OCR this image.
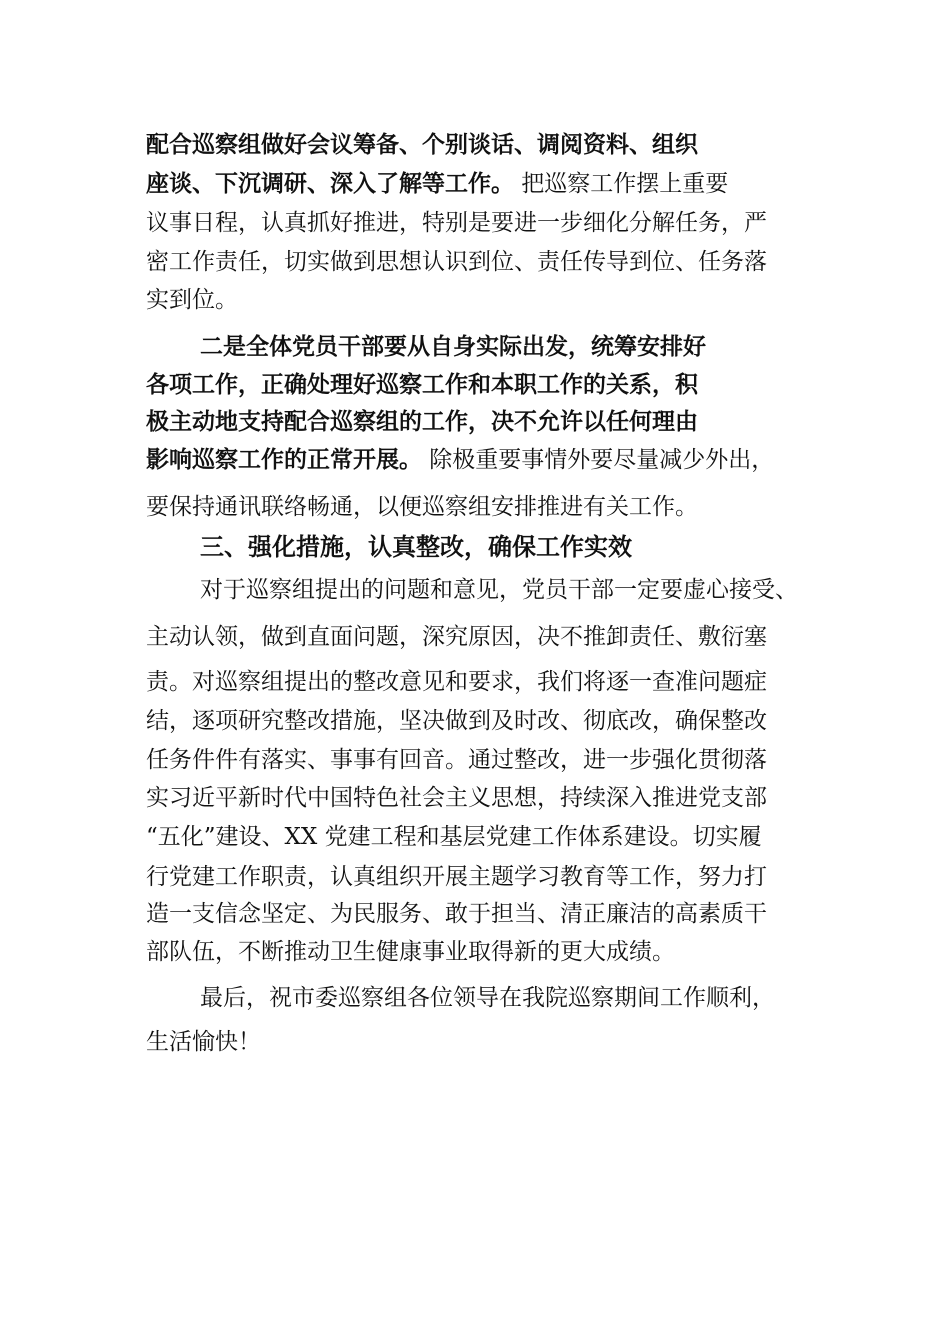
配合巡察组做好会议筹备、个别谈话、调阅资料、组织
座谈、下沉调研、深入了解等工作。 把巡察工作摆上重要
议事日程，认真抓好推进，特别是要进一步细化分解任务，严
密工作责任，切实做到思想认识到位、责任传导到位、任务落
实到位。
二是全体党员干部要从自身实际出发，统筹安排好
各项工作，正确处理好巡察工作和本职工作的关系，积
极主动地支持配合巡察组的工作，决不允许以任何理由
影响巡察工作的正常开展。 除极重要事情外要尽量减少外出，
要保持通讯联络畅通，以便巡察组安排推进有关工作。
三、强化措施，认真整改，确保工作实效
对于巡察组提出的问题和意见，党员干部一定要虚心接受、
主动认领，做到直面问题，深究原因，决不推卸责任、敷衍塞
责。对巡察组提出的整改意见和要求，我们将逐一查准问题症
结，逐项研究整改措施，坚决做到及时改、彻底改，确保整改
任务件件有落实、事事有回音。通过整改，进一步强化贯彻落
实习近平新时代中国特色社会主义思想，持续深入推进党支部
“五化”建设、XX 党建工程和基层党建工作体系建设。切实履
行党建工作职责，认真组织开展主题学习教育等工作，努力打
造一支信念坚定、为民服务、敢于担当、清正廉洁的高素质干
部队伍，不断推动卫生健康事业取得新的更大成绩。
最后，祝市委巡察组各位领导在我院巡察期间工作顺利，
生活愉快！
